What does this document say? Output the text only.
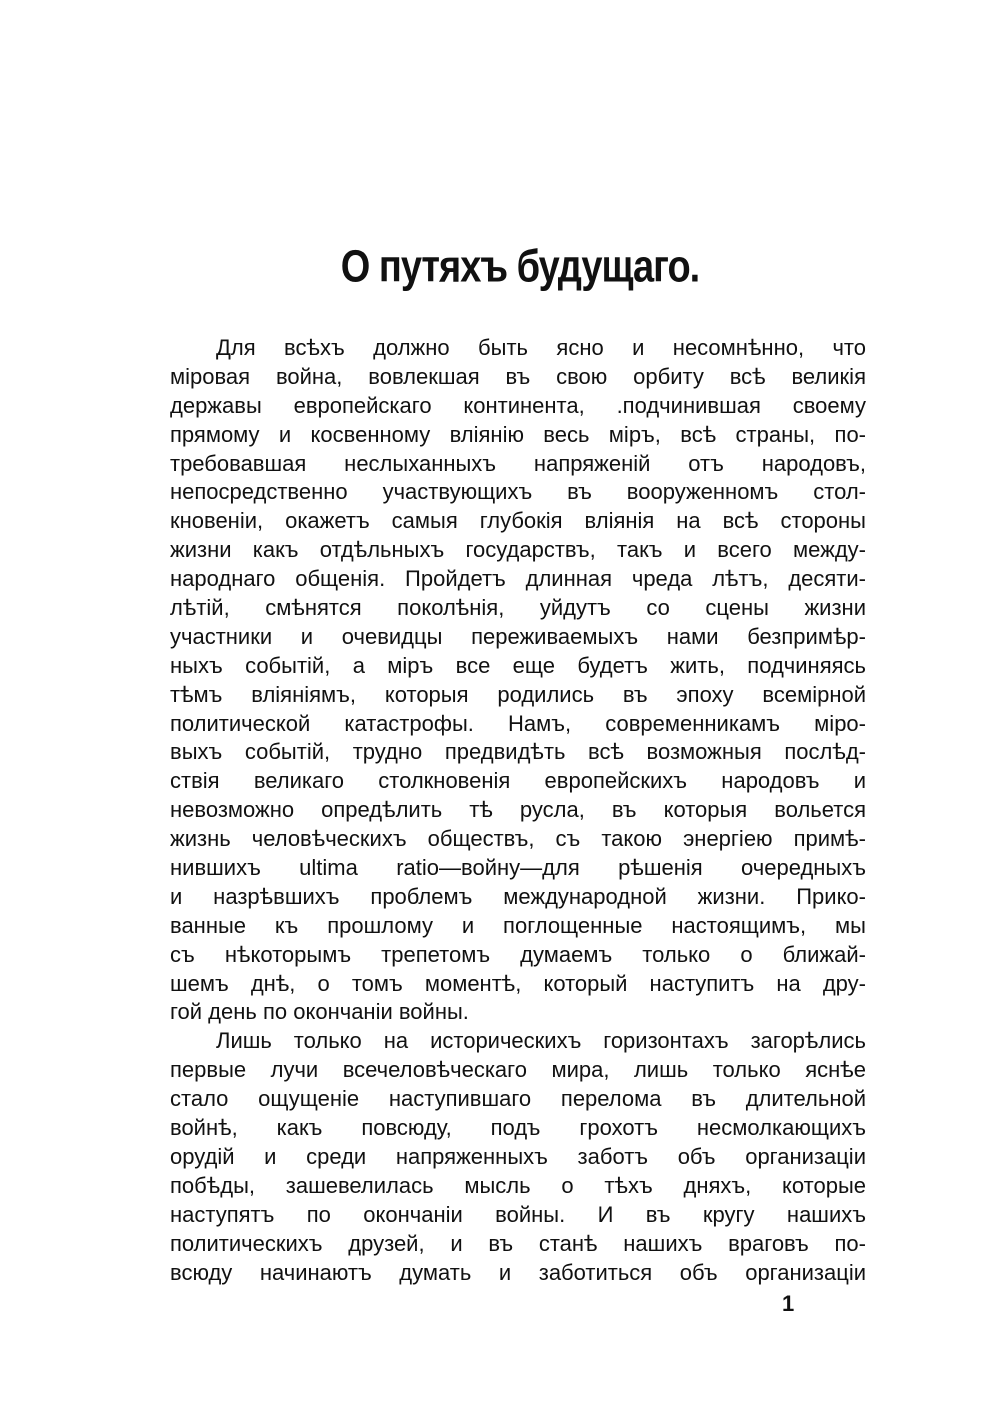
О путяхъ будущаго.
Для всѣхъ должно быть ясно и несомнѣнно, что
міровая война, вовлекшая въ свою орбиту всѣ великія
державы европейскаго континента, .подчинившая своему
прямому и косвенному вліянію весь міръ, всѣ страны, по-
требовавшая неслыханныхъ напряженій отъ народовъ,
непосредственно участвующихъ въ вооруженномъ стол-
кновеніи, окажетъ самыя глубокія вліянія на всѣ стороны
жизни какъ отдѣльныхъ государствъ, такъ и всего между-
народнаго общенія. Пройдетъ длинная чреда лѣтъ, десяти-
лѣтій, смѣнятся поколѣнія, уйдутъ со сцены жизни
участники и очевидцы переживаемыхъ нами безпримѣр-
ныхъ событій, а міръ все еще будетъ жить, подчиняясь
тѣмъ вліяніямъ, которыя родились въ эпоху всемірной
политической катастрофы. Намъ, современникамъ міро-
выхъ событій, трудно предвидѣть всѣ возможныя послѣд-
ствія великаго столкновенія европейскихъ народовъ и
невозможно опредѣлить тѣ русла, въ которыя вольется
жизнь человѣческихъ обществъ, съ такою энергіею примѣ-
нившихъ ultima ratio—войну—для рѣшенія очередныхъ
и назрѣвшихъ проблемъ международной жизни. Прико-
ванные къ прошлому и поглощенные настоящимъ, мы
съ нѣкоторымъ трепетомъ думаемъ только о ближай-
шемъ днѣ, о томъ моментѣ, который наступитъ на дру-
гой день по окончаніи войны.
Лишь только на историческихъ горизонтахъ загорѣлись
первые лучи всечеловѣческаго мира, лишь только яснѣе
стало ощущеніе наступившаго перелома въ длительной
войнѣ, какъ повсюду, подъ грохотъ несмолкающихъ
орудій и среди напряженныхъ заботъ объ организаціи
побѣды, зашевелилась мысль о тѣхъ дняхъ, которые
наступятъ по окончаніи войны. И въ кругу нашихъ
политическихъ друзей, и въ станѣ нашихъ враговъ по-
всюду начинаютъ думать и заботиться объ организаціи
1
